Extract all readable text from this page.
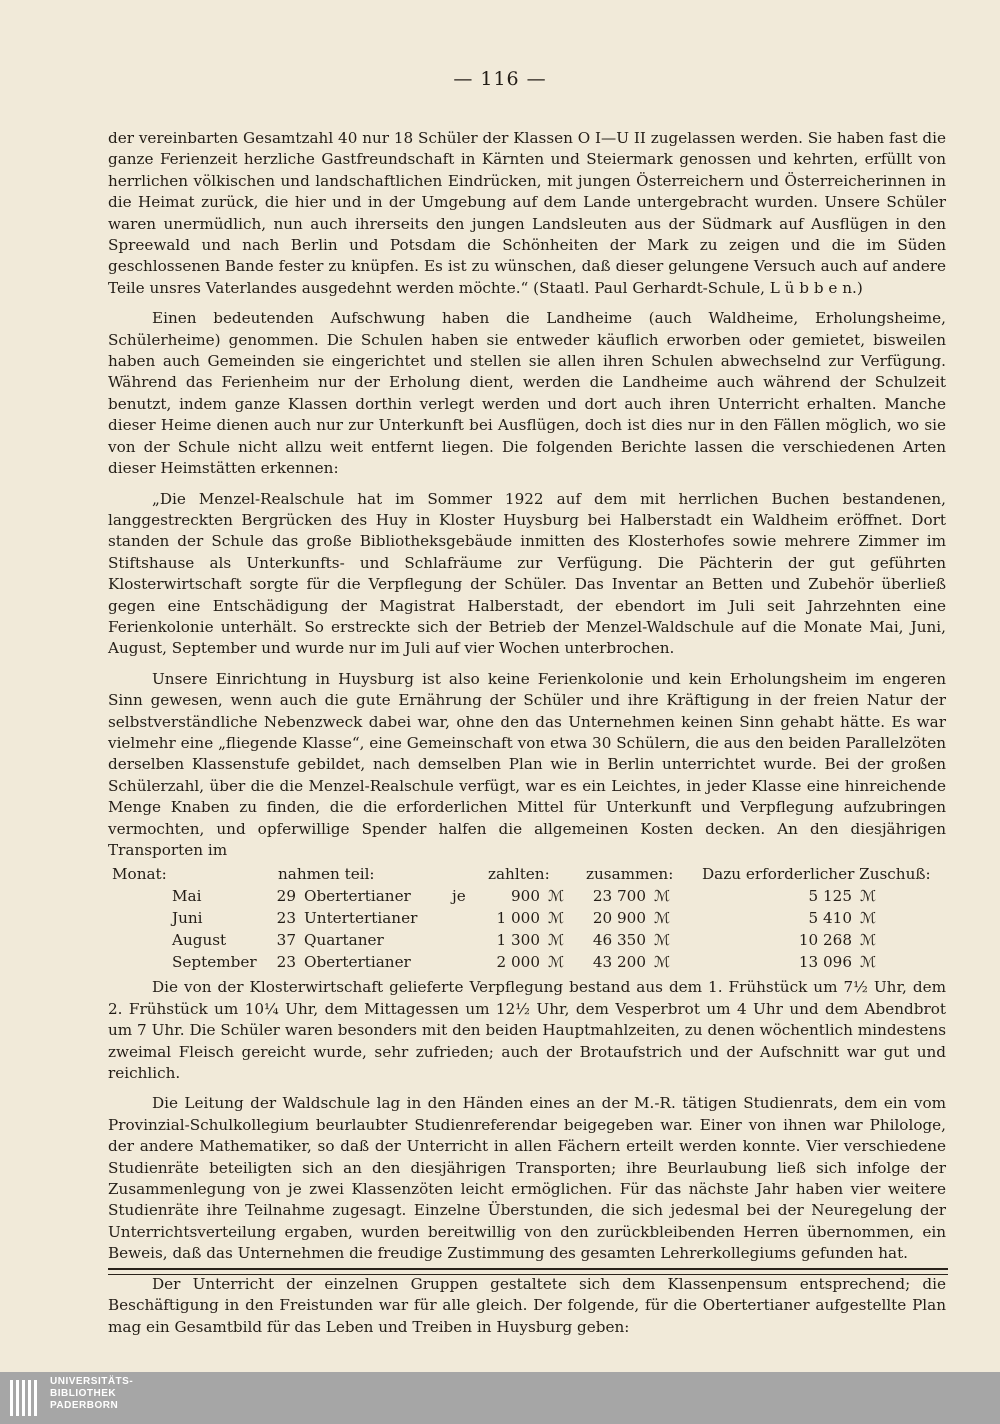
— 116 —

der vereinbarten Gesamtzahl 40 nur 18 Schüler der Klassen O I—U II zugelassen werden. Sie haben fast die ganze Ferienzeit herzliche Gastfreundschaft in Kärnten und Steiermark genossen und kehrten, erfüllt von herrlichen völkischen und landschaftlichen Eindrücken, mit jungen Österreichern und Österreicherinnen in die Heimat zurück, die hier und in der Umgebung auf dem Lande untergebracht wurden. Unsere Schüler waren unermüdlich, nun auch ihrerseits den jungen Landsleuten aus der Südmark auf Ausflügen in den Spreewald und nach Berlin und Potsdam die Schönheiten der Mark zu zeigen und die im Süden geschlossenen Bande fester zu knüpfen. Es ist zu wünschen, daß dieser gelungene Versuch auch auf andere Teile unsres Vaterlandes ausgedehnt werden möchte.“ (Staatl. Paul Gerhardt-Schule, L ü b b e n.)

Einen bedeutenden Aufschwung haben die Landheime (auch Waldheime, Erholungsheime, Schülerheime) genommen. Die Schulen haben sie entweder käuflich erworben oder gemietet, bisweilen haben auch Gemeinden sie eingerichtet und stellen sie allen ihren Schulen abwechselnd zur Verfügung. Während das Ferienheim nur der Erholung dient, werden die Landheime auch während der Schulzeit benutzt, indem ganze Klassen dorthin verlegt werden und dort auch ihren Unterricht erhalten. Manche dieser Heime dienen auch nur zur Unterkunft bei Ausflügen, doch ist dies nur in den Fällen möglich, wo sie von der Schule nicht allzu weit entfernt liegen. Die folgenden Berichte lassen die verschiedenen Arten dieser Heimstätten erkennen:

„Die Menzel-Realschule hat im Sommer 1922 auf dem mit herrlichen Buchen bestandenen, langgestreckten Bergrücken des Huy in Kloster Huysburg bei Halberstadt ein Waldheim eröffnet. Dort standen der Schule das große Bibliotheksgebäude inmitten des Klosterhofes sowie mehrere Zimmer im Stiftshause als Unterkunfts- und Schlafräume zur Verfügung. Die Pächterin der gut geführten Klosterwirtschaft sorgte für die Verpflegung der Schüler. Das Inventar an Betten und Zubehör überließ gegen eine Entschädigung der Magistrat Halberstadt, der ebendort im Juli seit Jahrzehnten eine Ferienkolonie unterhält. So erstreckte sich der Betrieb der Menzel-Waldschule auf die Monate Mai, Juni, August, September und wurde nur im Juli auf vier Wochen unterbrochen.

Unsere Einrichtung in Huysburg ist also keine Ferienkolonie und kein Erholungsheim im engeren Sinn gewesen, wenn auch die gute Ernährung der Schüler und ihre Kräftigung in der freien Natur der selbstverständliche Nebenzweck dabei war, ohne den das Unternehmen keinen Sinn gehabt hätte. Es war vielmehr eine „fliegende Klasse“, eine Gemeinschaft von etwa 30 Schülern, die aus den beiden Parallelzöten derselben Klassenstufe gebildet, nach demselben Plan wie in Berlin unterrichtet wurde. Bei der großen Schülerzahl, über die die Menzel-Realschule verfügt, war es ein Leichtes, in jeder Klasse eine hinreichende Menge Knaben zu finden, die die erforderlichen Mittel für Unterkunft und Verpflegung aufzubringen vermochten, und opferwillige Spender halfen die allgemeinen Kosten decken. An den diesjährigen Transporten im

Monat:	nahmen teil:		zahlten:			zusammen:		Dazu erforderlicher Zuschuß:	
Mai	29	Obertertianer	je	900	ℳ	23 700	ℳ	5 125	ℳ
Juni	23	Untertertianer		1 000	ℳ	20 900	ℳ	5 410	ℳ
August	37	Quartaner		1 300	ℳ	46 350	ℳ	10 268	ℳ
September	23	Obertertianer		2 000	ℳ	43 200	ℳ	13 096	ℳ

Die von der Klosterwirtschaft gelieferte Verpflegung bestand aus dem 1. Frühstück um 7½ Uhr, dem 2. Frühstück um 10¼ Uhr, dem Mittagessen um 12½ Uhr, dem Vesperbrot um 4 Uhr und dem Abendbrot um 7 Uhr. Die Schüler waren besonders mit den beiden Hauptmahlzeiten, zu denen wöchentlich mindestens zweimal Fleisch gereicht wurde, sehr zufrieden; auch der Brotaufstrich und der Aufschnitt war gut und reichlich.

Die Leitung der Waldschule lag in den Händen eines an der M.-R. tätigen Studienrats, dem ein vom Provinzial-Schulkollegium beurlaubter Studienreferendar beigegeben war. Einer von ihnen war Philologe, der andere Mathematiker, so daß der Unterricht in allen Fächern erteilt werden konnte. Vier verschiedene Studienräte beteiligten sich an den diesjährigen Transporten; ihre Beurlaubung ließ sich infolge der Zusammenlegung von je zwei Klassenzöten leicht ermöglichen. Für das nächste Jahr haben vier weitere Studienräte ihre Teilnahme zugesagt. Einzelne Überstunden, die sich jedesmal bei der Neuregelung der Unterrichtsverteilung ergaben, wurden bereitwillig von den zurückbleibenden Herren übernommen, ein Beweis, daß das Unternehmen die freudige Zustimmung des gesamten Lehrerkollegiums gefunden hat.

Der Unterricht der einzelnen Gruppen gestaltete sich dem Klassenpensum entsprechend; die Beschäftigung in den Freistunden war für alle gleich. Der folgende, für die Obertertianer aufgestellte Plan mag ein Gesamtbild für das Leben und Treiben in Huysburg geben:

UNIVERSITÄTS-
BIBLIOTHEK
PADERBORN
